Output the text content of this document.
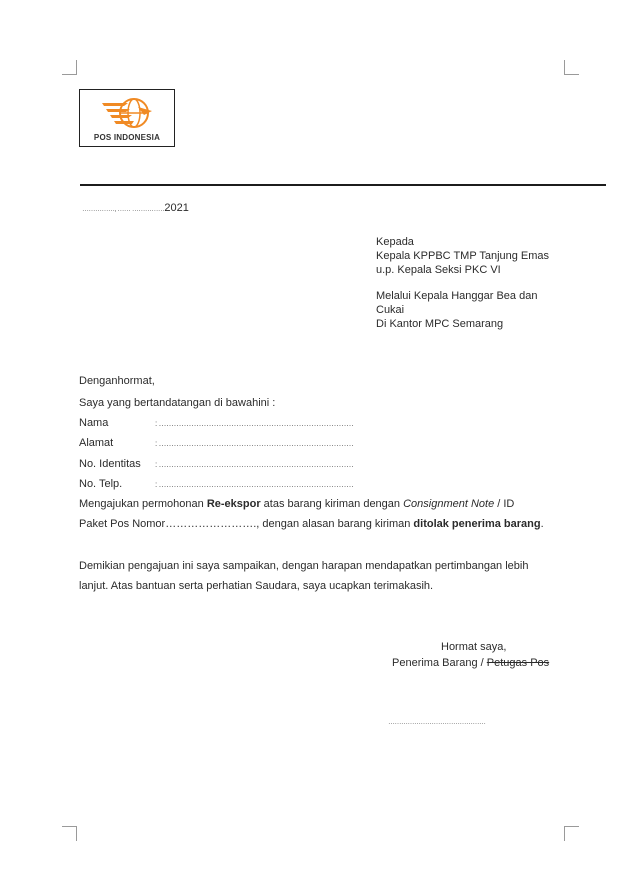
POS INDONESIA
……………, …… ……………2021
Kepada
Kepala KPPBC TMP Tanjung Emas
u.p. Kepala Seksi PKC VI
Melalui Kepala Hanggar Bea dan
Cukai
Di Kantor MPC Semarang
Denganhormat,
Saya yang bertandatangan di bawahini :
Nama	: ……………………………………………………………………
Alamat	: ……………………………………………………………………
No. Identitas : ……………………………………………………………………
No. Telp.	: ……………………………………………………………………
Mengajukan permohonan Re-ekspor atas barang kiriman dengan Consignment Note / ID
Paket Pos Nomor……………………., dengan alasan barang kiriman ditolak penerima barang.
Demikian pengajuan ini saya sampaikan, dengan harapan mendapatkan pertimbangan lebih
lanjut. Atas bantuan serta perhatian Saudara, saya ucapkan terimakasih.
Hormat saya,
Penerima Barang / Petugas Pos
………………………………………
